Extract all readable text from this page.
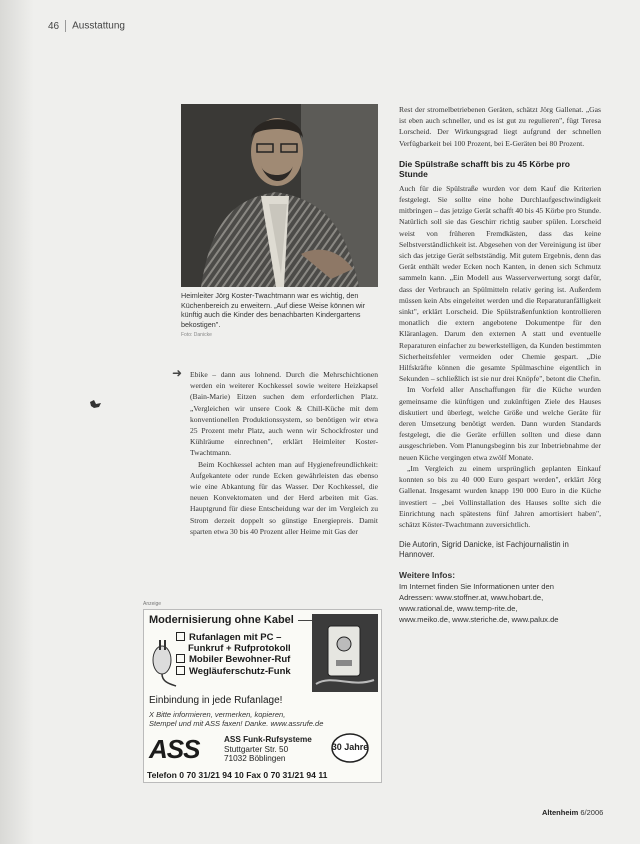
46 Ausstattung
Heimleiter Jörg Koster-Twachtmann war es wichtig, den Küchenbereich zu erweitern. „Auf diese Weise können wir künftig auch die Kinder des benachbarten Kindergartens bekostigen".
Foto: Danicke
➜ Ebike – dann aus lohnend. Durch die Mehrschichtionen werden ein weiterer Kochkessel sowie weitere Heizkapsel (Bain-Marie) Eitzen suchen dem erforderlichen Platz. „Vergleichen wir unsere Cook & Chill-Küche mit dem konventionellen Produktionssystem, so benötigen wir etwa 25 Prozent mehr Platz, auch wenn wir Schockfroster und Kühlräume einrechnen", erklärt Heimleiter Koster-Twachtmann.

Beim Kochkessel achten man auf Hygienefreundlichkeit: Aufgekantete oder runde Ecken gewährleisten das ebenso wie eine Abkantung für das Wasser. Der Kochkessel, die neuen Konvektomaten und der Herd arbeiten mit Gas. Hauptgrund für diese Entscheidung war der im Vergleich zu Strom derzeit doppelt so günstige Energiepreis. Damit sparten etwa 30 bis 40 Prozent aller Heime mit Gas der

Rest der stromelbetriebenen Geräten, schätzt Jörg Gallenat. „Gas ist eben auch schneller, und es ist gut zu regulieren", fügt Teresa Lorscheid. Der Wirkungsgrad liegt aufgrund der schnellen Verfügbarkeit bei 100 Prozent, bei E-Geräten bei 80 Prozent.

Die Spülstraße schafft bis zu 45 Körbe pro Stunde

Auch für die Spülstraße wurden vor dem Kauf die Kriterien festgelegt. Sie sollte eine hohe Durchlaufgeschwindigkeit mitbringen – das jetzige Gerät schafft 40 bis 45 Körbe pro Stunde. Natürlich soll sie das Geschirr richtig sauber spülen. Lorscheid weist von früheren Fremdkästen, dass das keine Selbstverständlichkeit ist. Abgesehen von der Vereinigung ist über sich das jetzige Gerät selbstständig. Mit gutem Ergebnis, denn das Gerät enthält weder Ecken noch Kanten, in denen sich Schmutz sammeln kann. „Ein Modell aus Wasserverwertung sorgt dafür, dass der Verbrauch an Spülmitteln relativ gering ist. Außerdem müssen kein Abs eingeleitet werden und die Reparaturanfälligkeit sinkt", erklärt Lorscheid. Die Spülstraßenfunktion kontrollieren monatlich die extern angebotene Dokumentpe für den Kläranlagen. Darum den externen A statt und eventuelle Reparaturen einfacher zu bewerkstelligen, da Kunden bestimmten Sicherheitsfehler vermeiden oder Chemie gespart. „Die Hilfskräfte können die gesamte Spülmaschine eigentlich in Sekunden – schließlich ist sie nur drei Knöpfe", betont die Chefin.

Im Vorfeld aller Anschaffungen für die Küche wurden gemeinsame die künftigen und zukünftigen Ziele des Hauses diskutiert und überlegt, welche Größe und welche Geräte für deren Umsetzung benötigt werden. Dann wurden Standards festgelegt, die die Geräte erfüllen sollten und diese dann ausgeschrieben. Vom Planungsbeginn bis zur Inbetriebnahme der neuen Küche vergingen etwa zwölf Monate.

„Im Vergleich zu einem ursprünglich geplanten Einkauf konnten so bis zu 40 000 Euro gespart werden", erklärt Jörg Gallenat. Insgesamt wurden knapp 190 000 Euro in die Küche investiert – „bei Vollinstallation des Hauses sollte sich die Einrichtung nach spätestens fünf Jahren amortisiert haben", schätzt Köster-Twachtmann zuversichtlich.

Die Autorin, Sigrid Danicke, ist Fachjournalistin in Hannover.
Weitere Infos:
Im Internet finden Sie Informationen unter den
Adressen: www.stoffner.at, www.hobart.de,
www.rational.de, www.temp-rite.de,
www.meiko.de, www.steriche.de, www.palux.de
Anzeige
Modernisierung ohne Kabel
Rufanlagen mit PC –
Funkruf + Rufprotokoll
Mobiler Bewohner-Ruf
Wegläuferschutz-Funk
Einbindung in jede Rufanlage!
X Bitte informieren, vermerken, kopieren,
Stempel und mit ASS faxen! Danke. www.assrufe.de
ASS	ASS Funk-Rufsysteme
Stuttgarter Str. 50
71032 Böblingen
30 Jahre
Telefon 0 70 31/21 94 10 Fax 0 70 31/21 94 11
Altenheim 6/2006
